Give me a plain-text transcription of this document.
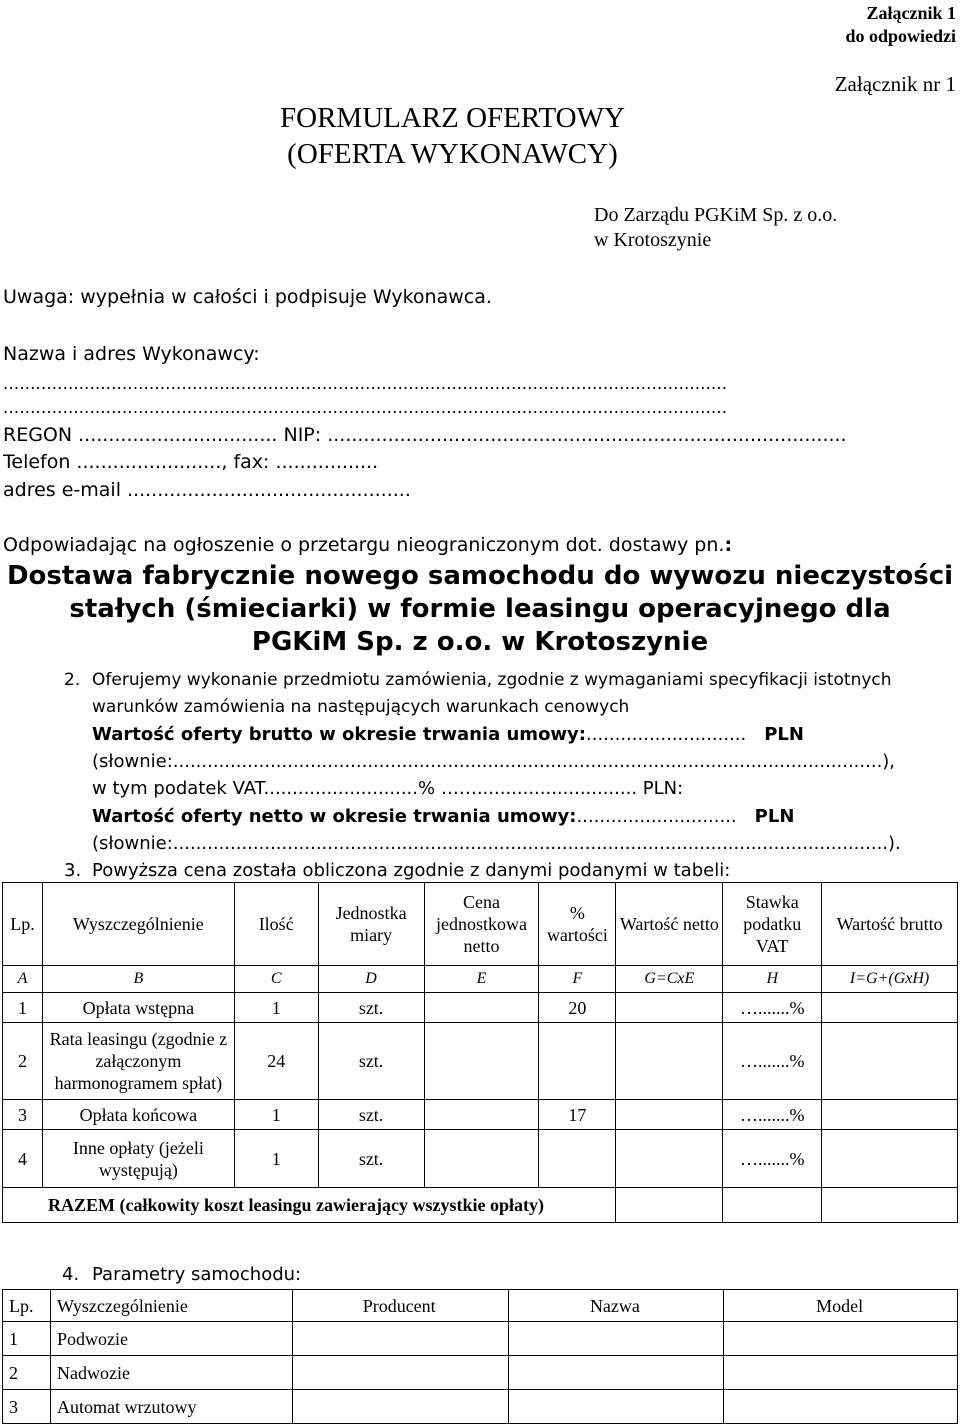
Załącznik 1
do odpowiedzi
Załącznik nr 1
FORMULARZ OFERTOWY
(OFERTA WYKONAWCY)
Do Zarządu PGKiM Sp. z o.o.
w Krotoszynie
Uwaga: wypełnia w całości i podpisuje Wykonawca.
Nazwa i adres Wykonawcy:
......................................................................................................................................
......................................................................................................................................
REGON ................................. NIP: ......................................................................................
Telefon ........................, fax: .................
adres e-mail ...............................................
Odpowiadając na ogłoszenie o przetargu nieograniczonym dot. dostawy pn.:
Dostawa fabrycznie nowego samochodu do wywozu nieczystości
stałych (śmieciarki) w formie leasingu operacyjnego dla
PGKiM Sp. z o.o. w Krotoszynie
2. Oferujemy wykonanie przedmiotu zamówienia, zgodnie z wymaganiami specyfikacji istotnych
warunków zamówienia na następujących warunkach cenowych
Wartość oferty brutto w okresie trwania umowy:............................ PLN
(słownie:............................................................................................................................),
w tym podatek VAT...........................% ……............................ PLN:
Wartość oferty netto w okresie trwania umowy:............................ PLN
(słownie:.............................................................................................................................).
3. Powyższa cena została obliczona zgodnie z danymi podanymi w tabeli:
Lp.	Wyszczególnienie	Ilość	Jednostka miary	Cena jednostkowa netto	% wartości	Wartość netto	Stawka podatku VAT	Wartość brutto
A	B	C	D	E	F	G=CxE	H	I=G+(GxH)
1	Opłata wstępna	1	szt.		20		….......%	
2	Rata leasingu (zgodnie z załączonym harmonogramem spłat)	24	szt.				….......%	
3	Opłata końcowa	1	szt.		17		….......%	
4	Inne opłaty (jeżeli występują)	1	szt.				….......%	
RAZEM (całkowity koszt leasingu zawierający wszystkie opłaty)								
4. Parametry samochodu:
Lp.	Wyszczególnienie	Producent	Nazwa	Model
1	Podwozie			
2	Nadwozie			
3	Automat wrzutowy			
